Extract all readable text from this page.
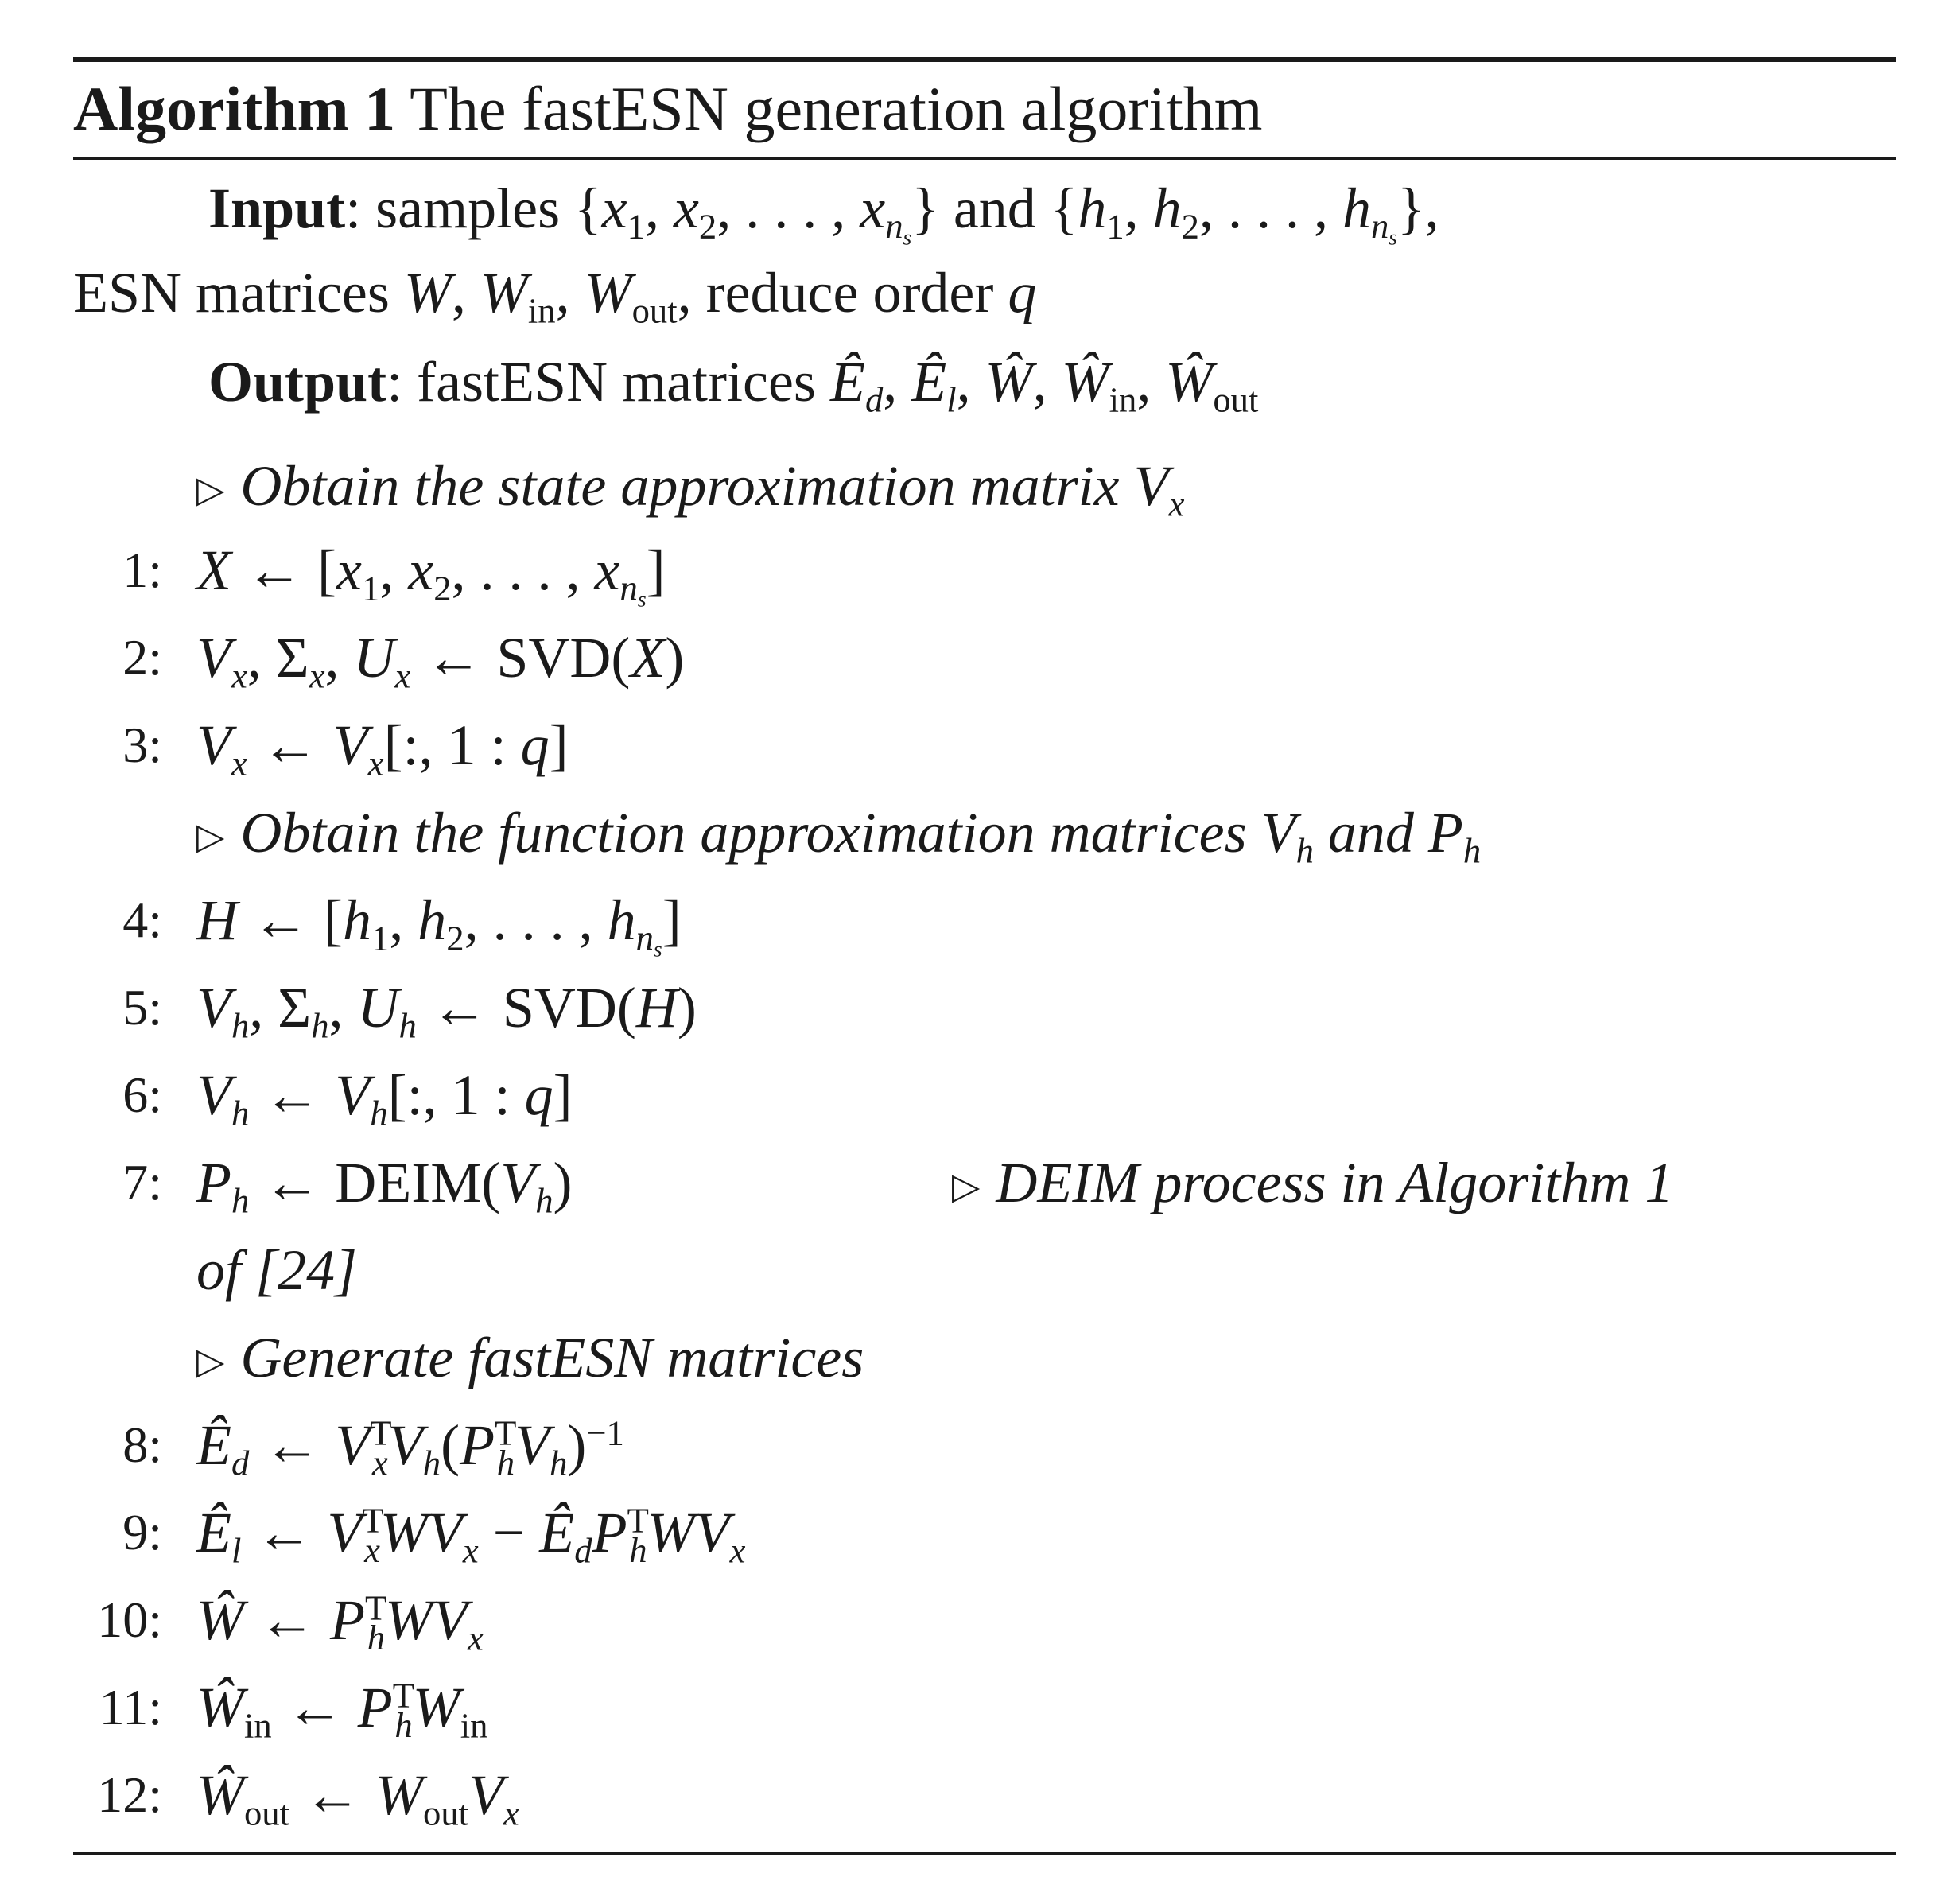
Algorithm 1 The fastESN generation algorithm
Input: samples {$x_1$, $x_2$, . . . , $x_{n_s}$} and {$h_1$, $h_2$, . . . , $h_{n_s}$},
ESN matrices W, $W_{in}$, $W_{out}$, reduce order q
Output: fastESN matrices $Ê_d$, $Ê_l$, Ŵ, $Ŵ_{in}$, $Ŵ_{out}$
▷ Obtain the state approximation matrix $V_x$
1: X ← [$x_1$, $x_2$, . . . , $x_{n_s}$]
2: $V_x$, $\Sigma_x$, $U_x$ ← SVD(X)
3: $V_x$ ← $V_x$[:, 1 : q]
▷ Obtain the function approximation matrices $V_h$ and $P_h$
4: H ← [$h_1$, $h_2$, . . . , $h_{n_s}$]
5: $V_h$, $\Sigma_h$, $U_h$ ← SVD(H)
6: $V_h$ ← $V_h$[:, 1 : q]
7: $P_h$ ← $DEIM(V_h)$	▷ DEIM process in Algorithm 1
of [24]
▷ Generate fastESN matrices
8: $Ê_d$ ← $V^T_xV_h(P^T_hV_h)^{-1}$
9: $Ê_l$ ← $V^T_xWV_x$ − $Ê_dP^T_hWV_x$
10: Ŵ ← $P^T_hWV_x$
11: $Ŵ_{in}$ ← $P^T_hW_{in}$
12: $Ŵ_{out}$ ← $W_{out}V_x$
